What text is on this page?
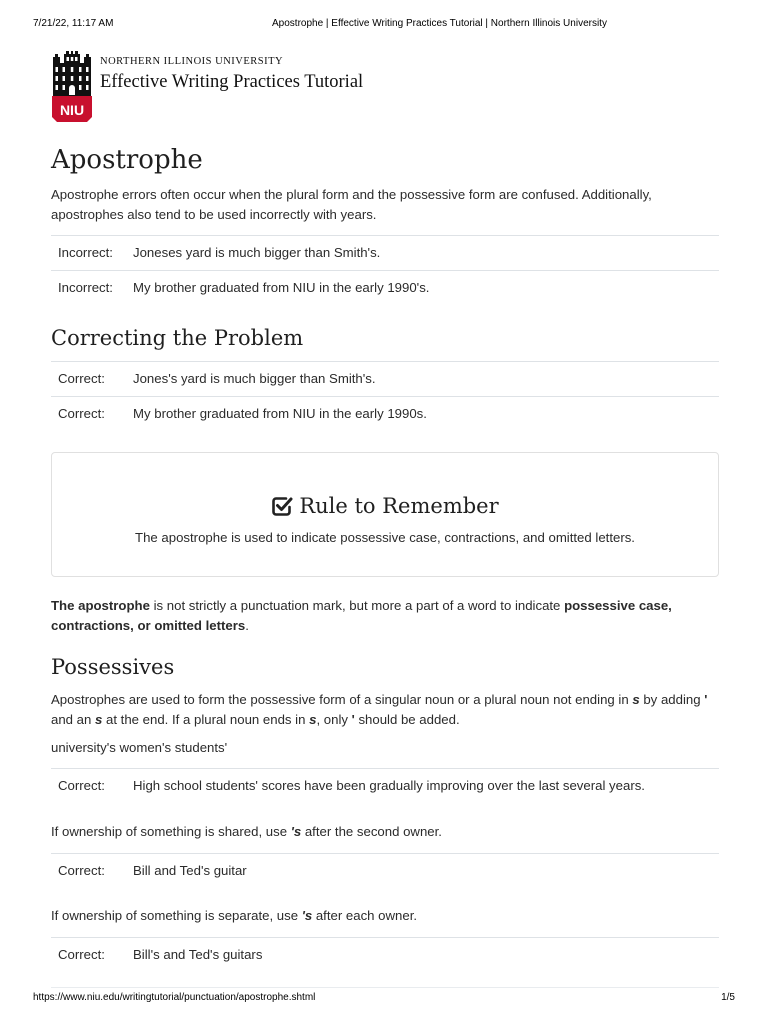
7/21/22, 11:17 AM	Apostrophe | Effective Writing Practices Tutorial | Northern Illinois University
NIU
NORTHERN ILLINOIS UNIVERSITY
Effective Writing Practices Tutorial
Apostrophe

Apostrophe errors often occur when the plural form and the possessive form are confused. Additionally, apostrophes also tend to be used incorrectly with years.

Incorrect: Joneses yard is much bigger than Smith's.
Incorrect: My brother graduated from NIU in the early 1990's.
Correcting the Problem
Correct: Jones's yard is much bigger than Smith's.
Correct: My brother graduated from NIU in the early 1990s.
Rule to Remember
The apostrophe is used to indicate possessive case, contractions, and omitted letters.

The apostrophe is not strictly a punctuation mark, but more a part of a word to indicate possessive case, contractions, or omitted letters.

Possessives

Apostrophes are used to form the possessive form of a singular noun or a plural noun not ending in s by adding ' and an s at the end. If a plural noun ends in s, only ' should be added.

university's women's students'

Correct: High school students' scores have been gradually improving over the last several years.

If ownership of something is shared, use 's after the second owner.

Correct: Bill and Ted's guitar

If ownership of something is separate, use 's after each owner.

Correct: Bill's and Ted's guitars
https://www.niu.edu/writingtutorial/punctuation/apostrophe.shtml	1/5
